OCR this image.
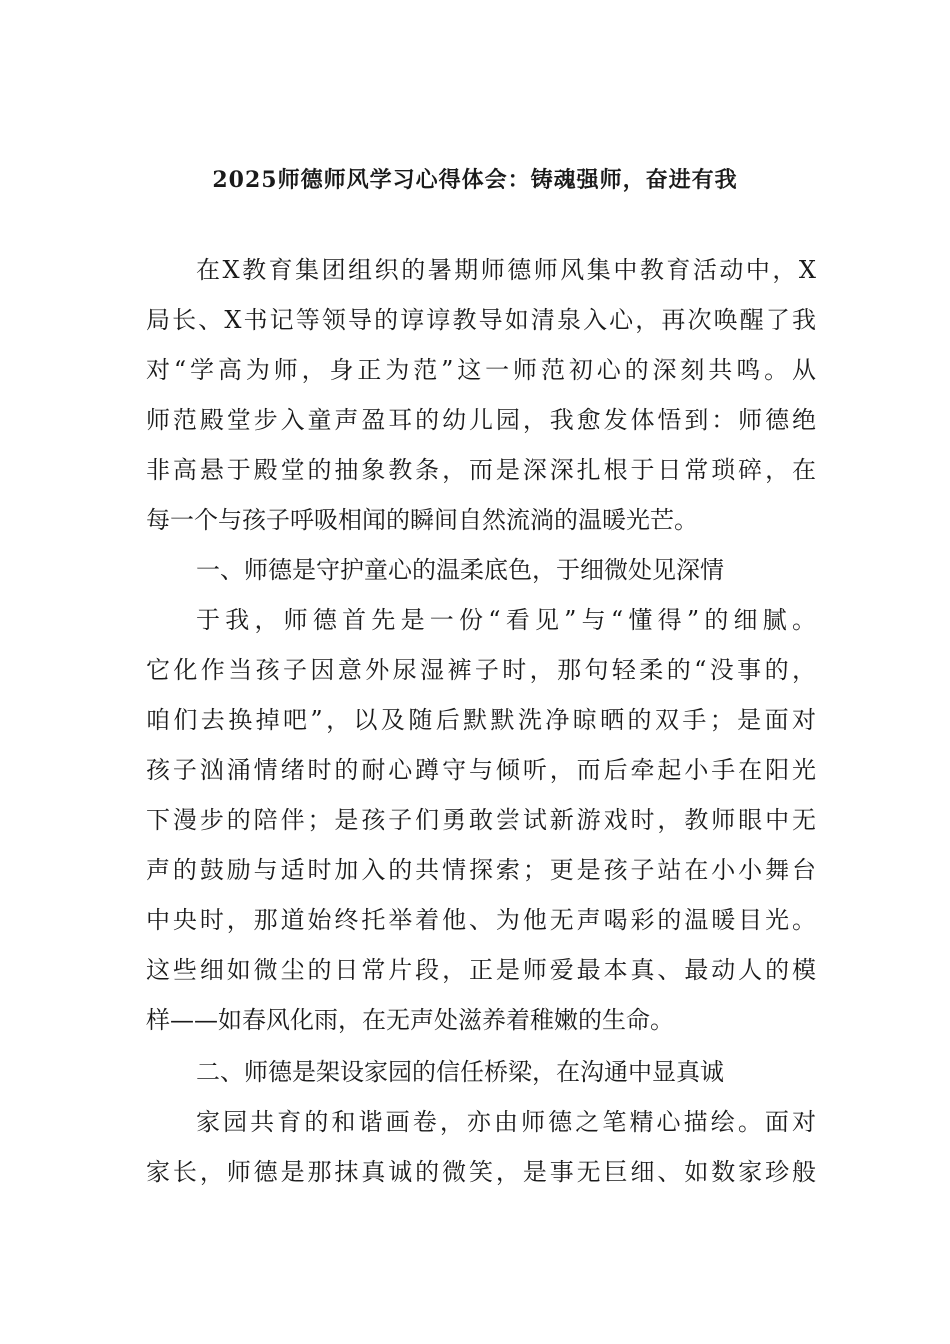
2025师德师风学习心得体会：铸魂强师，奋进有我
在X教育集团组织的暑期师德师风集中教育活动中，X
局长、X书记等领导的谆谆教导如清泉入心，再次唤醒了我
对“学高为师，身正为范”这一师范初心的深刻共鸣。从
师范殿堂步入童声盈耳的幼儿园，我愈发体悟到：师德绝
非高悬于殿堂的抽象教条，而是深深扎根于日常琐碎，在
每一个与孩子呼吸相闻的瞬间自然流淌的温暖光芒。
一、师德是守护童心的温柔底色，于细微处见深情
于我，师德首先是一份“看见”与“懂得”的细腻。
它化作当孩子因意外尿湿裤子时，那句轻柔的“没事的，
咱们去换掉吧”，以及随后默默洗净晾晒的双手；是面对
孩子汹涌情绪时的耐心蹲守与倾听，而后牵起小手在阳光
下漫步的陪伴；是孩子们勇敢尝试新游戏时，教师眼中无
声的鼓励与适时加入的共情探索；更是孩子站在小小舞台
中央时，那道始终托举着他、为他无声喝彩的温暖目光。
这些细如微尘的日常片段，正是师爱最本真、最动人的模
样——如春风化雨，在无声处滋养着稚嫩的生命。
二、师德是架设家园的信任桥梁，在沟通中显真诚
家园共育的和谐画卷，亦由师德之笔精心描绘。面对
家长，师德是那抹真诚的微笑，是事无巨细、如数家珍般
